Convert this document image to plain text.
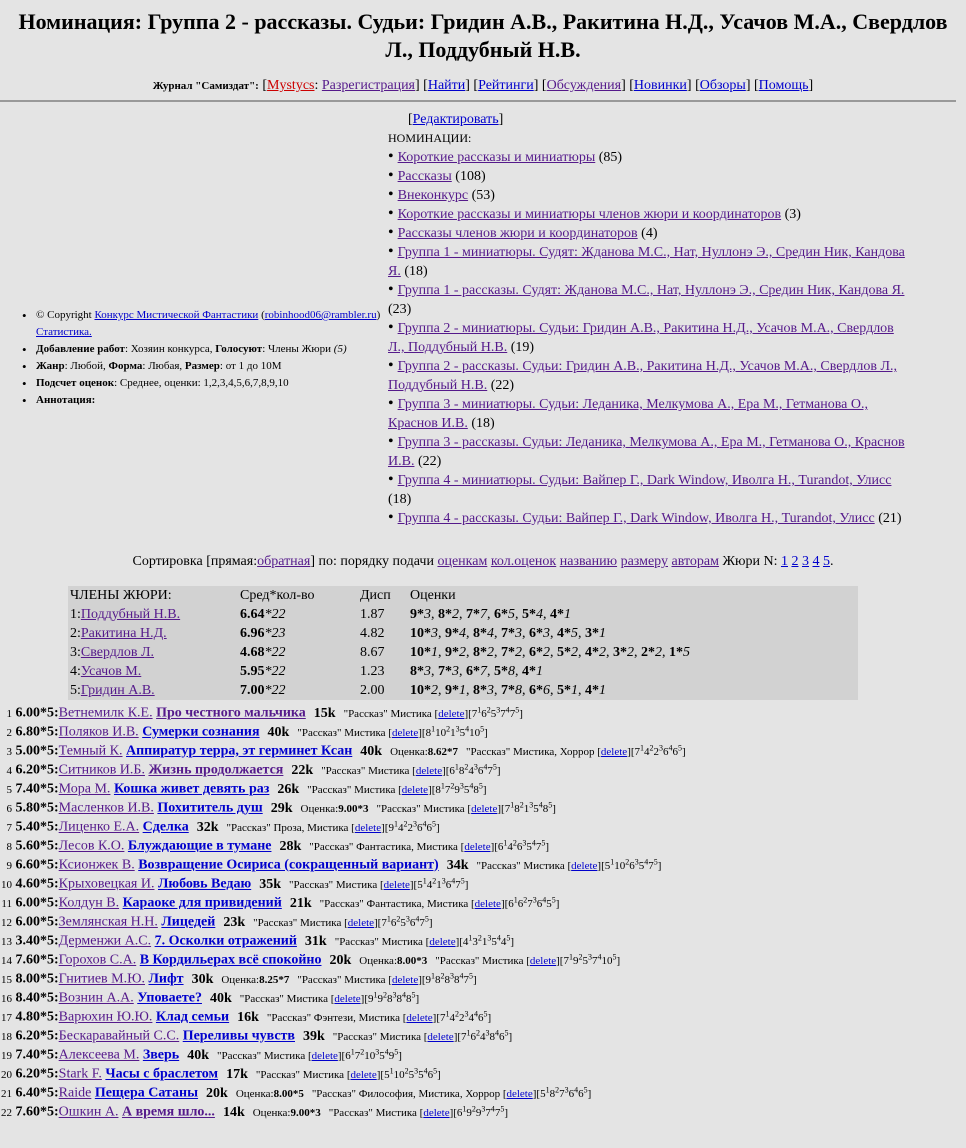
Номинация: Группа 2 - рассказы. Судьи: Гридин А.В., Ракитина Н.Д., Усачов М.А., Свердлов Л., Поддубный Н.В.
Журнал "Самиздат": [Mystycs: Разрегистрация] [Найти] [Рейтинги] [Обсуждения] [Новинки] [Обзоры] [Помощь]
• © Copyright Конкурс Мистической Фантастики (robinhood06@rambler.ru) Статистика.
• Добавление работ: Хозяин конкурса, Голосуют: Члены Жюри (5)
• Жанр: Любой, Форма: Любая, Размер: от 1 до 10М
• Подсчет оценок: Среднее, оценки: 1,2,3,4,5,6,7,8,9,10
• Аннотация:
[Редактировать]
НОМИНАЦИИ:
• Короткие рассказы и миниатюры (85)
• Рассказы (108)
• Внеконкурс (53)
• Короткие рассказы и миниатюры членов жюри и координаторов (3)
• Рассказы членов жюри и координаторов (4)
• Группа 1 - миниатюры. Судят: Жданова М.С., Нат, Нуллонэ Э., Средин Ник, Кандова Я. (18)
• Группа 1 - рассказы. Судят: Жданова М.С., Нат, Нуллонэ Э., Средин Ник, Кандова Я. (23)
• Группа 2 - миниатюры. Судьи: Гридин А.В., Ракитина Н.Д., Усачов М.А., Свердлов Л., Поддубный Н.В. (19)
• Группа 2 - рассказы. Судьи: Гридин А.В., Ракитина Н.Д., Усачов М.А., Свердлов Л., Поддубный Н.В. (22)
• Группа 3 - миниатюры. Судьи: Леданика, Мелкумова А., Ера М., Гетманова О., Краснов И.В. (18)
• Группа 3 - рассказы. Судьи: Леданика, Мелкумова А., Ера М., Гетманова О., Краснов И.В. (22)
• Группа 4 - миниатюры. Судьи: Вайпер Г., Dark Window, Иволга Н., Turandot, Улисс (18)
• Группа 4 - рассказы. Судьи: Вайпер Г., Dark Window, Иволга Н., Turandot, Улисс (21)
Сортировка [прямая:обратная] по: порядку подачи оценкам кол.оценок названию размеру авторам Жюри N: 1 2 3 4 5.
ЧЛЕНЫ ЖЮРИ:	Сред*кол-во	Дисп	Оценки
1:Поддубный Н.В.	6.64*22	1.87	9*3, 8*2, 7*7, 6*5, 5*4, 4*1
2:Ракитина Н.Д.	6.96*23	4.82	10*3, 9*4, 8*4, 7*3, 6*3, 4*5, 3*1
3:Свердлов Л.	4.68*22	8.67	10*1, 9*2, 8*2, 7*2, 6*2, 5*2, 4*2, 3*2, 2*2, 1*5
4:Усачов М.	5.95*22	1.23	8*3, 7*3, 6*7, 5*8, 4*1
5:Гридин А.В.	7.00*22	2.00	10*2, 9*1, 8*3, 7*8, 6*6, 5*1, 4*1
1 6.00*5:Ветнемилк К.Е. Про честного мальчика 15k "Рассказ" Мистика $[delete][7^16^25^37^47^5]$
2 6.80*5:Поляков И.В. Сумерки сознания 40k "Рассказ" Мистика $[delete][8^110^21^35^410^5]$
3 5.00*5:Темный К. Аппиратур терра, эт герминет Ксан 40k Оценка:8.62*7 "Рассказ" Мистика, Хоррор $[delete][7^14^22^36^46^5]$
4 6.20*5:Ситников И.Б. Жизнь продолжается 22k "Рассказ" Мистика $[delete][6^18^24^36^47^5]$
5 7.40*5:Мора М. Кошка живет девять раз 26k "Рассказ" Мистика $[delete][8^17^29^35^48^5]$
6 5.80*5:Масленков И.В. Похититель душ 29k Оценка:9.00*3 "Рассказ" Мистика $[delete][7^18^21^35^48^5]$
7 5.40*5:Лиценко Е.А. Сделка 32k "Рассказ" Проза, Мистика $[delete][9^14^22^36^46^5]$
8 5.60*5:Лесов К.О. Блуждающие в тумане 28k "Рассказ" Фантастика, Мистика $[delete][6^14^26^35^47^5]$
9 6.60*5:Ксионжек В. Возвращение Осириса (сокращенный вариант) 34k "Рассказ" Мистика $[delete][5^110^26^35^47^5]$
10 4.60*5:Крыховецкая И. Любовь Ведаю 35k "Рассказ" Мистика $[delete][5^14^21^36^47^5]$
11 6.00*5:Колдун В. Караоке для привидений 21k "Рассказ" Фантастика, Мистика $[delete][6^16^27^36^45^5]$
12 6.00*5:Землянская Н.Н. Лицедей 23k "Рассказ" Мистика $[delete][7^16^25^36^47^5]$
13 3.40*5:Дерменжи А.С. 7. Осколки отражений 31k "Рассказ" Мистика $[delete][4^13^21^35^44^5]$
14 7.60*5:Горохов С.А. В Кордильерах всё спокойно 20k Оценка:8.00*3 "Рассказ" Мистика $[delete][7^19^25^37^410^5]$
15 8.00*5:Гнитиев М.Ю. Лифт 30k Оценка:8.25*7 "Рассказ" Мистика $[delete][9^18^28^38^47^5]$
16 8.40*5:Вознин А.А. Уповаете? 40k "Рассказ" Мистика $[delete][9^19^28^38^48^5]$
17 4.80*5:Варюхин Ю.Ю. Клад семьи 16k "Рассказ" Фэнтези, Мистика $[delete][7^14^22^34^46^5]$
18 6.20*5:Бескаравайный С.С. Переливы чувств 39k "Рассказ" Мистика $[delete][7^16^24^38^46^5]$
19 7.40*5:Алексеева М. Зверь 40k "Рассказ" Мистика $[delete][6^17^210^35^49^5]$
20 6.20*5:Stark F. Часы с браслетом 17k "Рассказ" Мистика $[delete][5^110^25^35^46^5]$
21 6.40*5:Raide Пещера Сатаны 20k Оценка:8.00*5 "Рассказ" Философия, Мистика, Хоррор $[delete][5^18^27^36^46^5]$
22 7.60*5:Ошкин А. А время шло... 14k Оценка:9.00*3 "Рассказ" Мистика $[delete][6^19^29^37^47^5]$
